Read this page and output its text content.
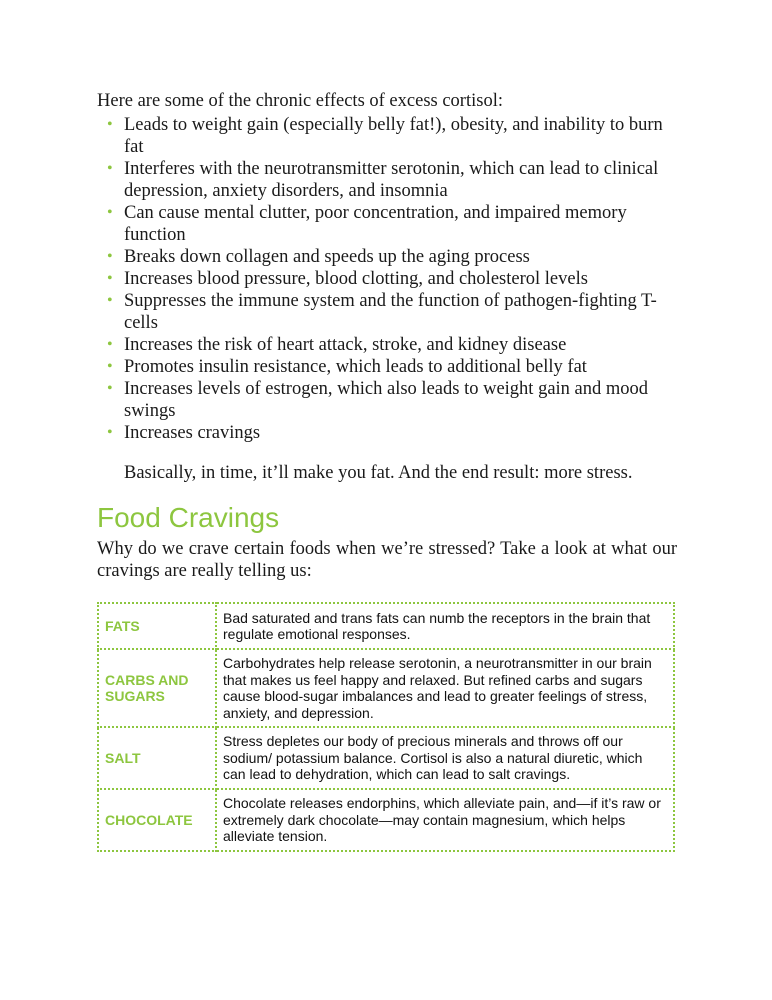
Here are some of the chronic effects of excess cortisol:

• Leads to weight gain (especially belly fat!), obesity, and inability to burn fat
• Interferes with the neurotransmitter serotonin, which can lead to clinical depression, anxiety disorders, and insomnia
• Can cause mental clutter, poor concentration, and impaired memory function
• Breaks down collagen and speeds up the aging process
• Increases blood pressure, blood clotting, and cholesterol levels
• Suppresses the immune system and the function of pathogen-fighting T-cells
• Increases the risk of heart attack, stroke, and kidney disease
• Promotes insulin resistance, which leads to additional belly fat
• Increases levels of estrogen, which also leads to weight gain and mood swings
• Increases cravings

Basically, in time, it’ll make you fat. And the end result: more stress.

Food Cravings

Why do we crave certain foods when we’re stressed? Take a look at what our cravings are really telling us:

FATS	Bad saturated and trans fats can numb the receptors in the brain that regulate emotional responses.
CARBS AND SUGARS	Carbohydrates help release serotonin, a neurotransmitter in our brain that makes us feel happy and relaxed. But refined carbs and sugars cause blood-sugar imbalances and lead to greater feelings of stress, anxiety, and depression.
SALT	Stress depletes our body of precious minerals and throws off our sodium/ potassium balance. Cortisol is also a natural diuretic, which can lead to dehydration, which can lead to salt cravings.
CHOCOLATE	Chocolate releases endorphins, which alleviate pain, and—if it’s raw or extremely dark chocolate—may contain magnesium, which helps alleviate tension.
